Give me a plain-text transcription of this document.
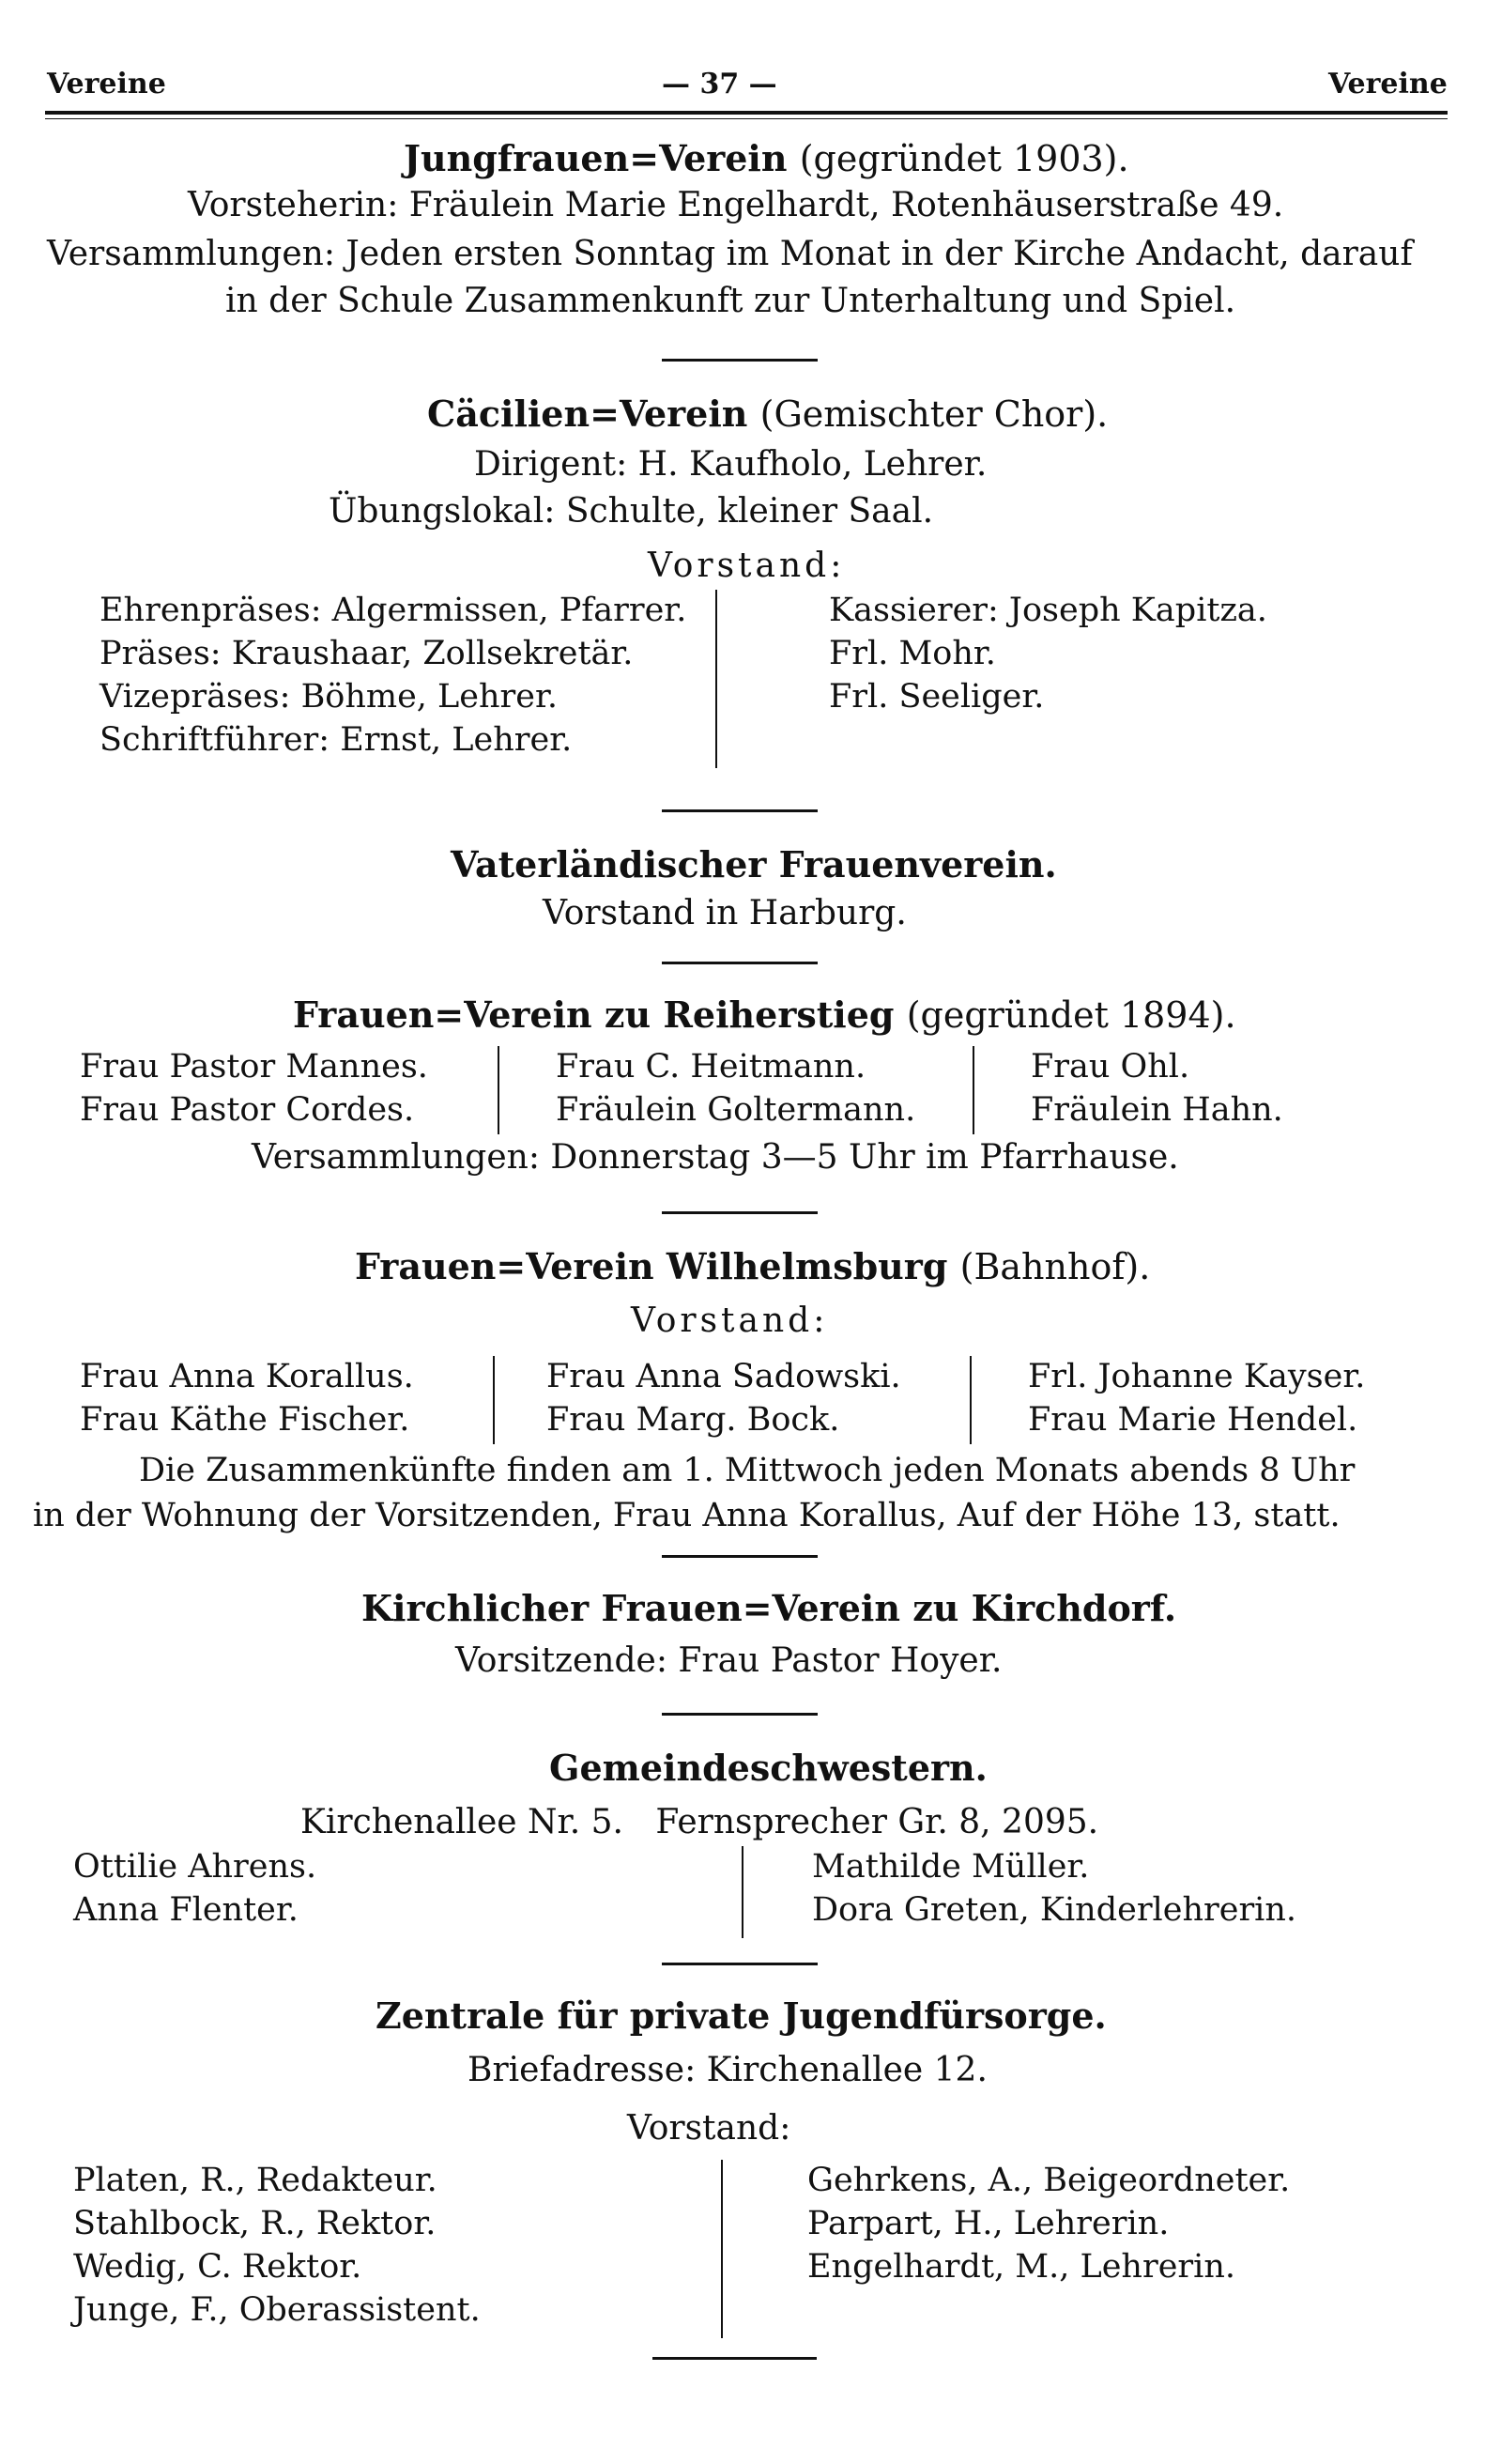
Vereine	— 37 —	Vereine
Jungfrauen=Verein (gegründet 1903).
Vorsteherin: Fräulein Marie Engelhardt, Rotenhäuserstraße 49.
Versammlungen: Jeden ersten Sonntag im Monat in der Kirche Andacht, darauf
in der Schule Zusammenkunft zur Unterhaltung und Spiel.
Cäcilien=Verein (Gemischter Chor).
Dirigent: H. Kaufholo, Lehrer.
Übungslokal: Schulte, kleiner Saal.
Vorstand:
Ehrenpräses: Algermissen, Pfarrer.
Präses: Kraushaar, Zollsekretär.
Vizepräses: Böhme, Lehrer.
Schriftführer: Ernst, Lehrer.
Kassierer: Joseph Kapitza.
Frl. Mohr.
Frl. Seeliger.
Vaterländischer Frauenverein.
Vorstand in Harburg.
Frauen=Verein zu Reiherstieg (gegründet 1894).
Frau Pastor Mannes.
Frau Pastor Cordes.
Frau C. Heitmann.
Fräulein Goltermann.
Frau Ohl.
Fräulein Hahn.
Versammlungen: Donnerstag 3—5 Uhr im Pfarrhause.
Frauen=Verein Wilhelmsburg (Bahnhof).
Vorstand:
Frau Anna Korallus.
Frau Käthe Fischer.
Frau Anna Sadowski.
Frau Marg. Bock.
Frl. Johanne Kayser.
Frau Marie Hendel.
Die Zusammenkünfte finden am 1. Mittwoch jeden Monats abends 8 Uhr
in der Wohnung der Vorsitzenden, Frau Anna Korallus, Auf der Höhe 13, statt.
Kirchlicher Frauen=Verein zu Kirchdorf.
Vorsitzende: Frau Pastor Hoyer.
Gemeindeschwestern.
Kirchenallee Nr. 5.   Fernsprecher Gr. 8, 2095.
Ottilie Ahrens.
Anna Flenter.
Mathilde Müller.
Dora Greten, Kinderlehrerin.
Zentrale für private Jugendfürsorge.
Briefadresse: Kirchenallee 12.
Vorstand:
Platen, R., Redakteur.
Stahlbock, R., Rektor.
Wedig, C. Rektor.
Junge, F., Oberassistent.
Gehrkens, A., Beigeordneter.
Parpart, H., Lehrerin.
Engelhardt, M., Lehrerin.
